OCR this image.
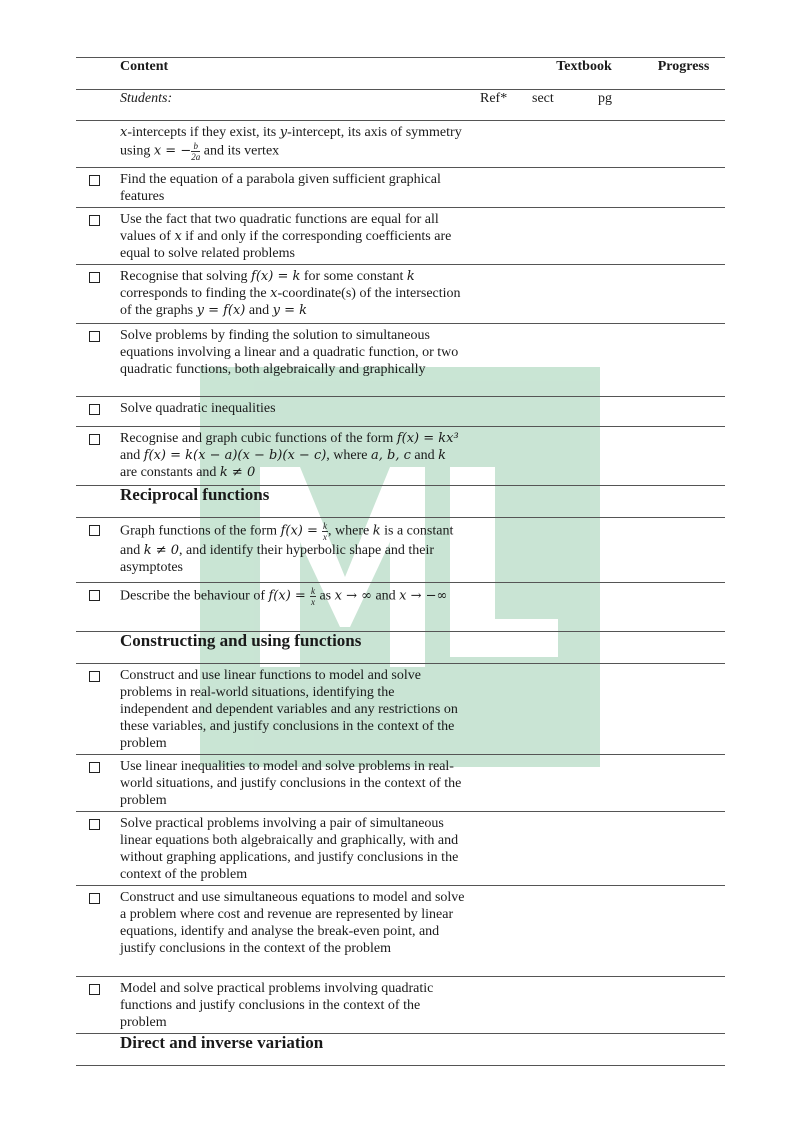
	Content		Textbook		Progress
	Students:	Ref*	sect	pg	
	x-intercepts if they exist, its y-intercept, its axis of symmetry using x = − $\frac{b}{2a}$ and its vertex				

	Find the equation of a parabola given sufficient graphical features				

	Use the fact that two quadratic functions are equal for all values of x if and only if the corresponding coefficients are equal to solve related problems				

	Recognise that solving f(x) = k for some constant k corresponds to finding the x-coordinate(s) of the intersection of the graphs y = f(x) and y = k				

	Solve problems by finding the solution to simultaneous equations involving a linear and a quadratic function, or two quadratic functions, both algebraically and graphically				

	Solve quadratic inequalities				

	Recognise and graph cubic functions of the form f(x) = kx³ and f(x) = k(x − a)(x − b)(x − c), where a, b, c and k are constants and k ≠ 0				
	Reciprocal functions				

	Graph functions of the form $f(x) = \frac{k}{x}$ , where k is a constant and k ≠ 0, and identify their hyperbolic shape and their asymptotes				

	Describe the behaviour of $f(x) = \frac{k}{x}$ as x → ∞ and x → −∞				
	Constructing and using functions				

	Construct and use linear functions to model and solve problems in real-world situations, identifying the independent and dependent variables and any restrictions on these variables, and justify conclusions in the context of the problem				

	Use linear inequalities to model and solve problems in real-world situations, and justify conclusions in the context of the problem				

	Solve practical problems involving a pair of simultaneous linear equations both algebraically and graphically, with and without graphing applications, and justify conclusions in the context of the problem				

	Construct and use simultaneous equations to model and solve a problem where cost and revenue are represented by linear equations, identify and analyse the break-even point, and justify conclusions in the context of the problem				

	Model and solve practical problems involving quadratic functions and justify conclusions in the context of the problem				
	Direct and inverse variation				
